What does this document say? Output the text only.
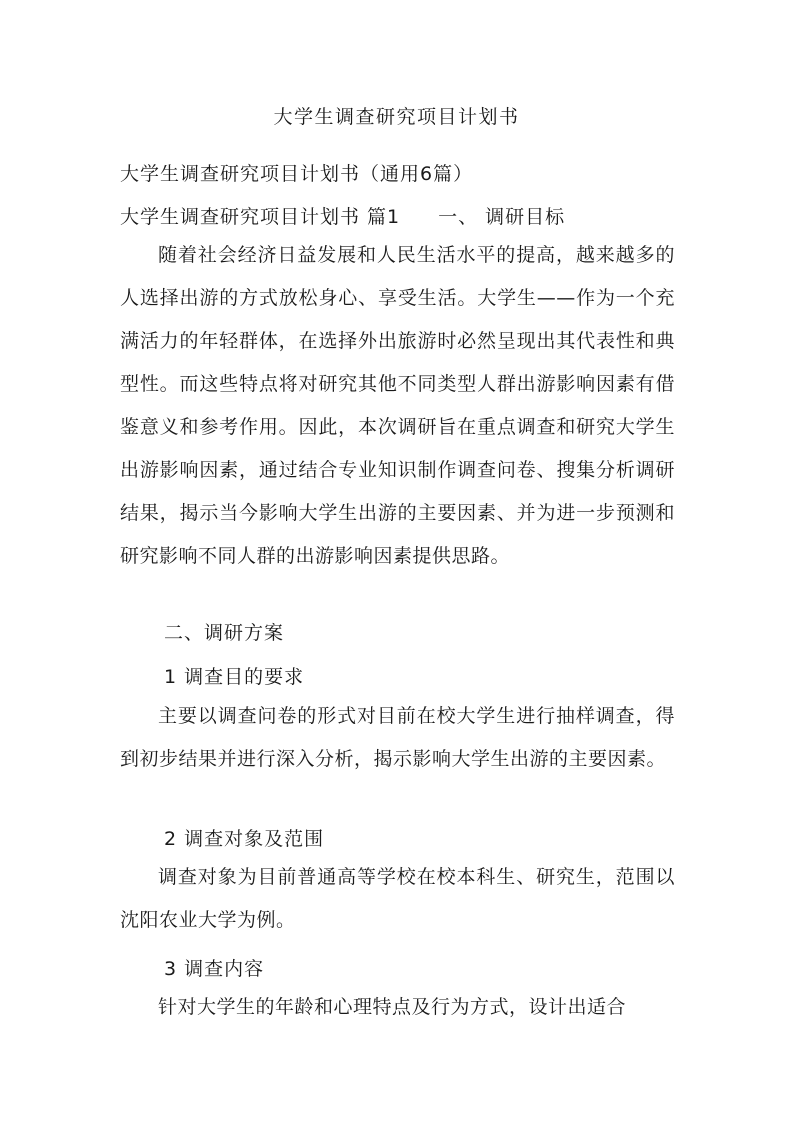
大学生调查研究项目计划书
大学生调查研究项目计划书（通用6篇）
大学生调查研究项目计划书 篇1 一、 调研目标

随着社会经济日益发展和人民生活水平的提高，越来越多的人选择出游的方式放松身心、享受生活。大学生——作为一个充满活力的年轻群体，在选择外出旅游时必然呈现出其代表性和典型性。而这些特点将对研究其他不同类型人群出游影响因素有借鉴意义和参考作用。因此，本次调研旨在重点调查和研究大学生出游影响因素，通过结合专业知识制作调查问卷、搜集分析调研结果，揭示当今影响大学生出游的主要因素、并为进一步预测和研究影响不同人群的出游影响因素提供思路。

二、调研方案
1 调查目的要求

主要以调查问卷的形式对目前在校大学生进行抽样调查，得到初步结果并进行深入分析，揭示影响大学生出游的主要因素。

2 调查对象及范围

调查对象为目前普通高等学校在校本科生、研究生，范围以沈阳农业大学为例。

3 调查内容

针对大学生的年龄和心理特点及行为方式，设计出适合
